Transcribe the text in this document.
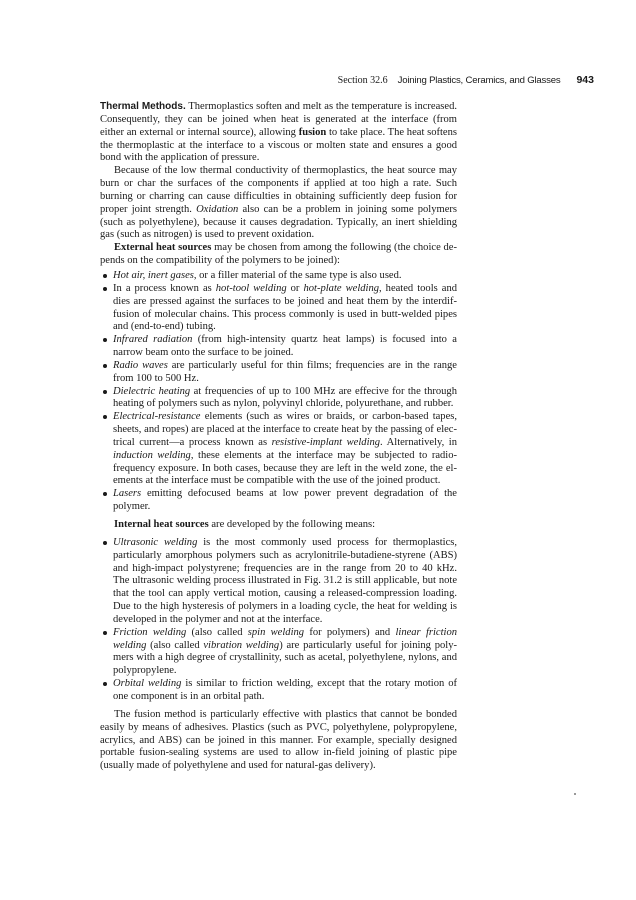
Section 32.6 Joining Plastics, Ceramics, and Glasses 943

Thermal Methods. Thermoplastics soften and melt as the temperature is increased. Consequently, they can be joined when heat is generated at the interface (from either an external or internal source), allowing fusion to take place. The heat softens the thermoplastic at the interface to a viscous or molten state and ensures a good bond with the application of pressure.

Because of the low thermal conductivity of thermoplastics, the heat source may burn or char the surfaces of the components if applied at too high a rate. Such burning or charring can cause difficulties in obtaining sufficiently deep fusion for proper joint strength. Oxidation also can be a problem in joining some polymers (such as polyethylene), because it causes degradation. Typically, an inert shielding gas (such as nitrogen) is used to prevent oxidation.

External heat sources may be chosen from among the following (the choice depends on the compatibility of the polymers to be joined):

Hot air, inert gases, or a filler material of the same type is also used.
In a process known as hot-tool welding or hot-plate welding, heated tools and dies are pressed against the surfaces to be joined and heat them by the interdiffusion of molecular chains. This process commonly is used in butt-welded pipes and (end-to-end) tubing.
Infrared radiation (from high-intensity quartz heat lamps) is focused into a narrow beam onto the surface to be joined.
Radio waves are particularly useful for thin films; frequencies are in the range from 100 to 500 Hz.
Dielectric heating at frequencies of up to 100 MHz are effecive for the through heating of polymers such as nylon, polyvinyl chloride, polyurethane, and rubber.
Electrical-resistance elements (such as wires or braids, or carbon-based tapes, sheets, and ropes) are placed at the interface to create heat by the passing of electrical current—a process known as resistive-implant welding. Alternatively, in induction welding, these elements at the interface may be subjected to radiofrequency exposure. In both cases, because they are left in the weld zone, the elements at the interface must be compatible with the use of the joined product.
Lasers emitting defocused beams at low power prevent degradation of the polymer.

Internal heat sources are developed by the following means:

Ultrasonic welding is the most commonly used process for thermoplastics, particularly amorphous polymers such as acrylonitrile-butadiene-styrene (ABS) and high-impact polystyrene; frequencies are in the range from 20 to 40 kHz. The ultrasonic welding process illustrated in Fig. 31.2 is still applicable, but note that the tool can apply vertical motion, causing a released-compression loading. Due to the high hysteresis of polymers in a loading cycle, the heat for welding is developed in the polymer and not at the interface.
Friction welding (also called spin welding for polymers) and linear friction welding (also called vibration welding) are particularly useful for joining polymers with a high degree of crystallinity, such as acetal, polyethylene, nylons, and polypropylene.
Orbital welding is similar to friction welding, except that the rotary motion of one component is in an orbital path.

The fusion method is particularly effective with plastics that cannot be bonded easily by means of adhesives. Plastics (such as PVC, polyethylene, polypropylene, acrylics, and ABS) can be joined in this manner. For example, specially designed portable fusion-sealing systems are used to allow in-field joining of plastic pipe (usually made of polyethylene and used for natural-gas delivery).
